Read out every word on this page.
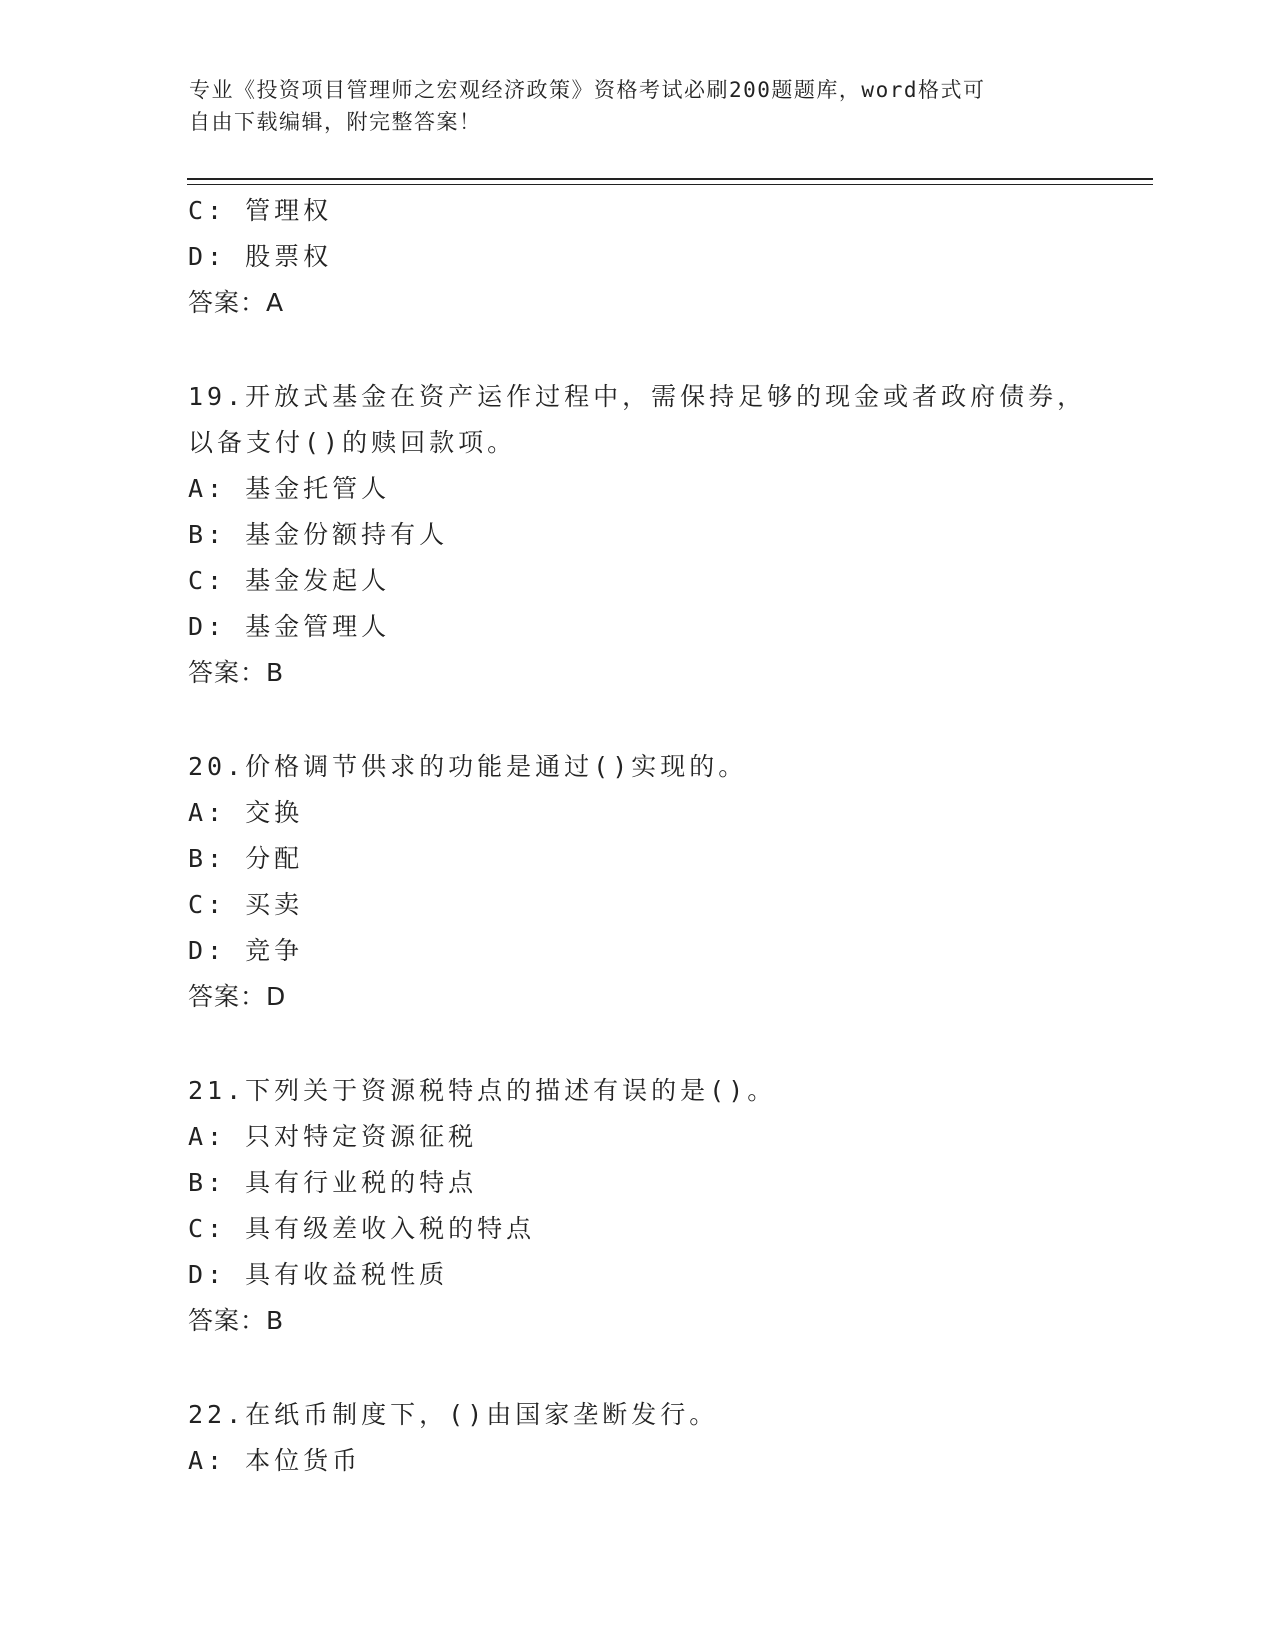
专业《投资项目管理师之宏观经济政策》资格考试必刷200题题库，word格式可
自由下载编辑，附完整答案！
C: 管理权
D: 股票权
答案：A
19.开放式基金在资产运作过程中，需保持足够的现金或者政府债券，
以备支付()的赎回款项。
A: 基金托管人
B: 基金份额持有人
C: 基金发起人
D: 基金管理人
答案：B
20.价格调节供求的功能是通过()实现的。
A: 交换
B: 分配
C: 买卖
D: 竞争
答案：D
21.下列关于资源税特点的描述有误的是()。
A: 只对特定资源征税
B: 具有行业税的特点
C: 具有级差收入税的特点
D: 具有收益税性质
答案：B
22.在纸币制度下，()由国家垄断发行。
A: 本位货币
